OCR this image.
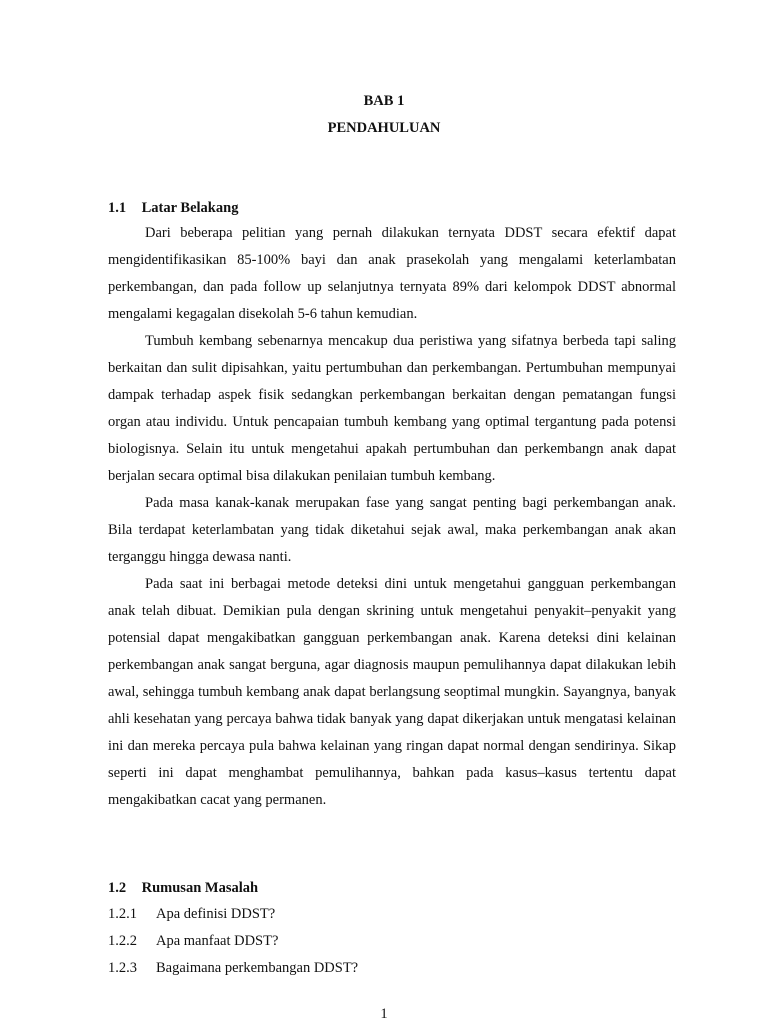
BAB 1
PENDAHULUAN
1.1 Latar Belakang

Dari beberapa pelitian yang pernah dilakukan ternyata DDST secara efektif dapat mengidentifikasikan 85-100% bayi dan anak prasekolah yang mengalami keterlambatan perkembangan, dan pada follow up selanjutnya ternyata 89% dari kelompok DDST abnormal mengalami kegagalan disekolah 5-6 tahun kemudian.

Tumbuh kembang sebenarnya mencakup dua peristiwa yang sifatnya berbeda tapi saling berkaitan dan sulit dipisahkan, yaitu pertumbuhan dan perkembangan. Pertumbuhan mempunyai dampak terhadap aspek fisik sedangkan perkembangan berkaitan dengan pematangan fungsi organ atau individu. Untuk pencapaian tumbuh kembang yang optimal tergantung pada potensi biologisnya. Selain itu untuk mengetahui apakah pertumbuhan dan perkembangn anak dapat berjalan secara optimal bisa dilakukan penilaian tumbuh kembang.

Pada masa kanak-kanak merupakan fase yang sangat penting bagi perkembangan anak. Bila terdapat keterlambatan yang tidak diketahui sejak awal, maka perkembangan anak akan terganggu hingga dewasa nanti.

Pada saat ini berbagai metode deteksi dini untuk mengetahui gangguan perkembangan anak telah dibuat. Demikian pula dengan skrining untuk mengetahui penyakit–penyakit yang potensial dapat mengakibatkan gangguan perkembangan anak. Karena deteksi dini kelainan perkembangan anak sangat berguna, agar diagnosis maupun pemulihannya dapat dilakukan lebih awal, sehingga tumbuh kembang anak dapat berlangsung seoptimal mungkin. Sayangnya, banyak ahli kesehatan yang percaya bahwa tidak banyak yang dapat dikerjakan untuk mengatasi kelainan ini dan mereka percaya pula bahwa kelainan yang ringan dapat normal dengan sendirinya. Sikap seperti ini dapat menghambat pemulihannya, bahkan pada kasus–kasus tertentu dapat mengakibatkan cacat yang permanen.

1.2 Rumusan Masalah
1.2.1 Apa definisi DDST?
1.2.2 Apa manfaat DDST?
1.2.3 Bagaimana perkembangan DDST?
1
